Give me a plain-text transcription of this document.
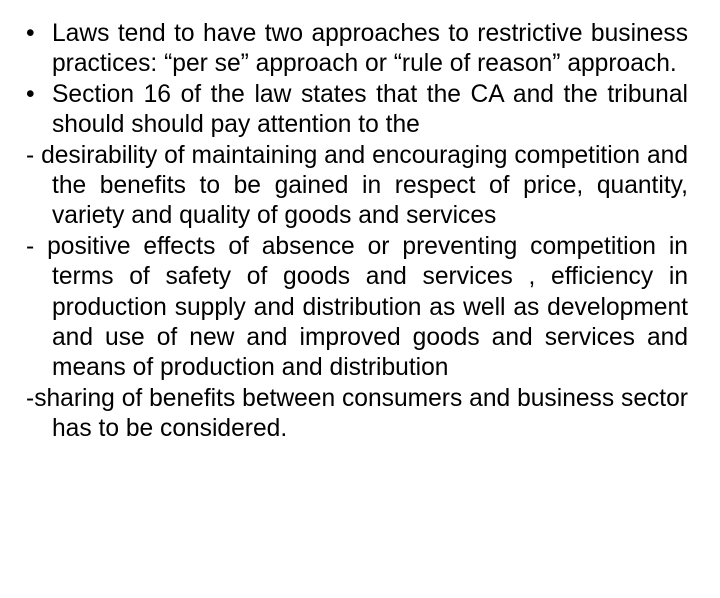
• Laws tend to have two approaches to restrictive business practices: “per se” approach or “rule of reason” approach.
• Section 16 of the law states that the CA and the tribunal should should pay attention to the
- desirability of maintaining and encouraging competition and the benefits to be gained in respect of price, quantity, variety and quality of goods and services
- positive effects of absence or preventing competition in terms of safety of goods and services , efficiency in production supply and distribution as well as development and use of new and improved goods and services and means of production and distribution
-sharing of benefits between consumers and business sector has to be considered.
